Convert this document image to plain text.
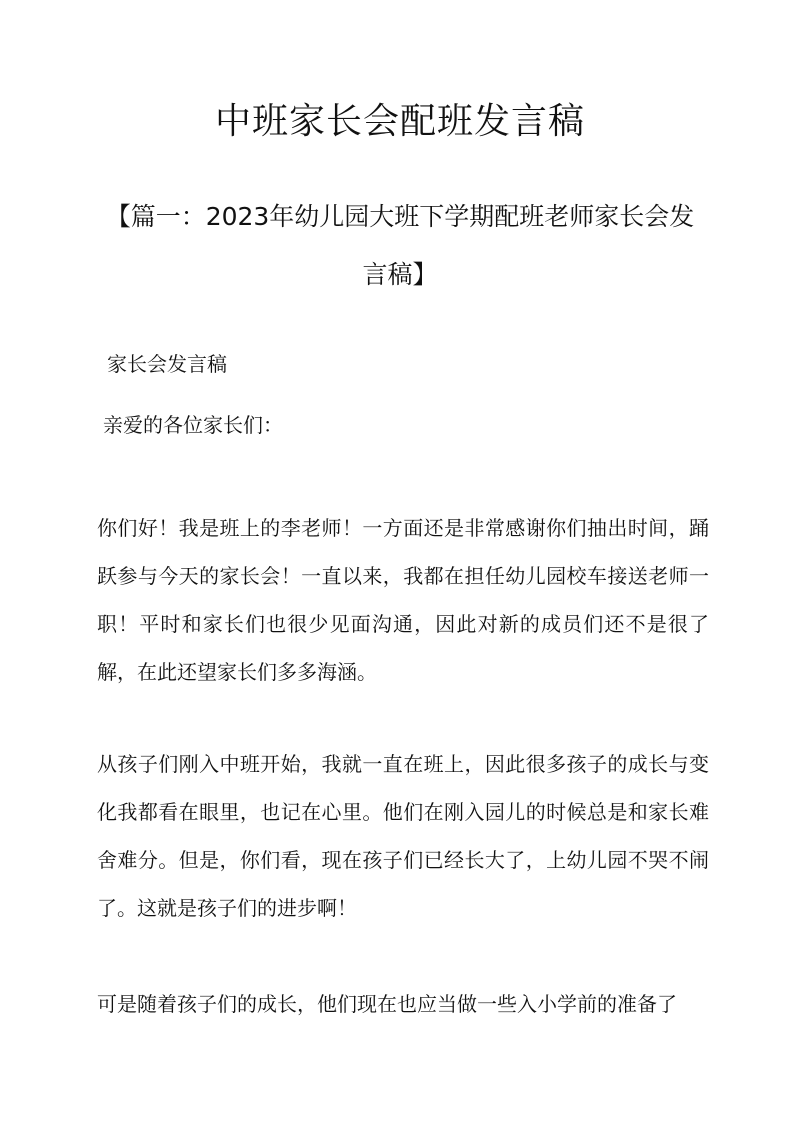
中班家长会配班发言稿
【篇一：2023年幼儿园大班下学期配班老师家长会发言稿】
家长会发言稿
亲爱的各位家长们：
你们好！我是班上的李老师！一方面还是非常感谢你们抽出时间，踊跃参与今天的家长会！一直以来，我都在担任幼儿园校车接送老师一职！平时和家长们也很少见面沟通，因此对新的成员们还不是很了解，在此还望家长们多多海涵。
从孩子们刚入中班开始，我就一直在班上，因此很多孩子的成长与变化我都看在眼里，也记在心里。他们在刚入园儿的时候总是和家长难舍难分。但是，你们看，现在孩子们已经长大了，上幼儿园不哭不闹了。这就是孩子们的进步啊！
可是随着孩子们的成长，他们现在也应当做一些入小学前的准备了
